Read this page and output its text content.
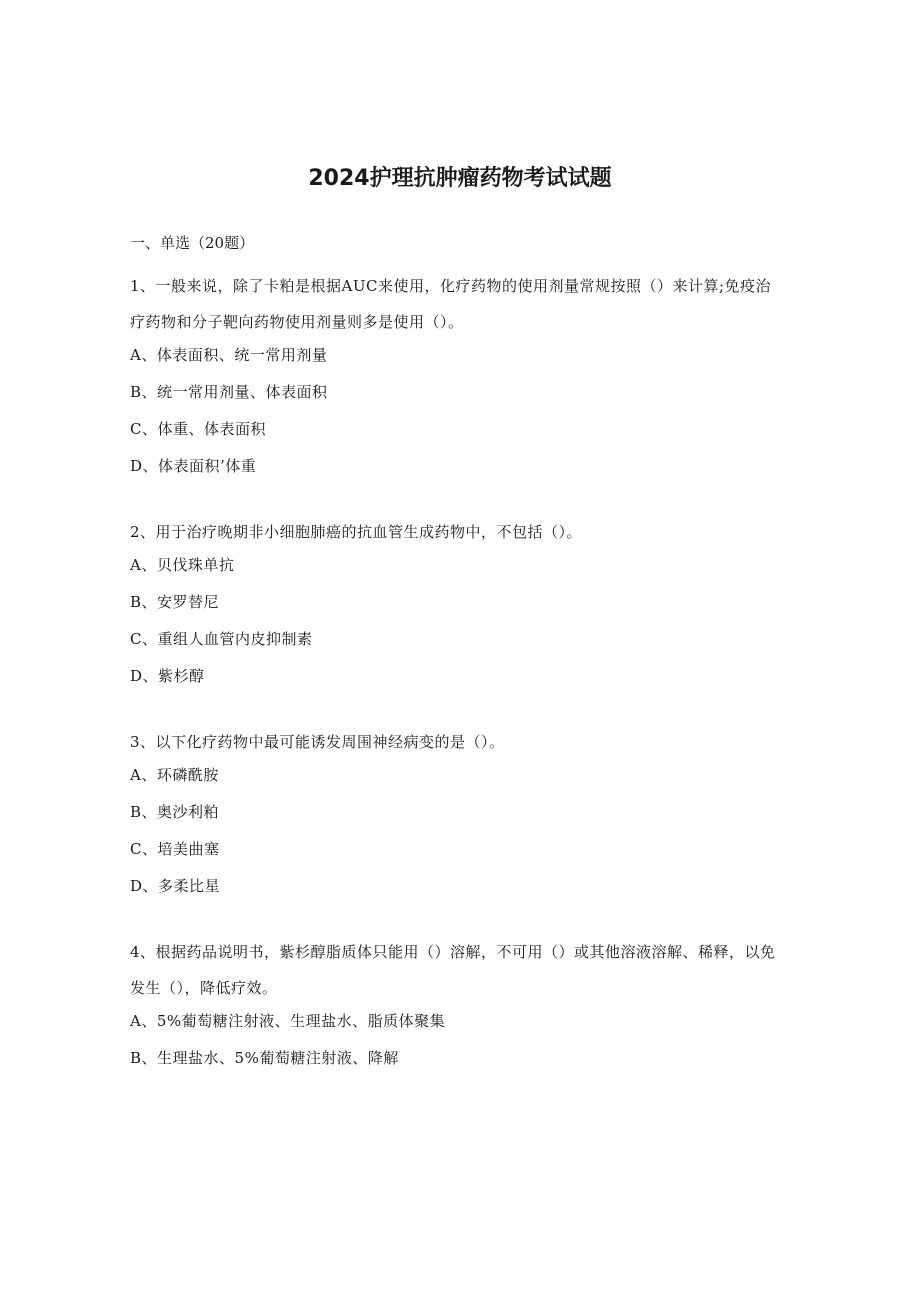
2024护理抗肿瘤药物考试试题

一、单选（20题）

1、一般来说，除了卡粕是根据AUC来使用，化疗药物的使用剂量常规按照（）来计算;免疫治疗药物和分子靶向药物使用剂量则多是使用（）。

A、体表面积、统一常用剂量

B、统一常用剂量、体表面积

C、体重、体表面积

D、体表面积’体重

2、用于治疗晚期非小细胞肺癌的抗血管生成药物中，不包括（）。

A、贝伐珠单抗

B、安罗替尼

C、重组人血管内皮抑制素

D、紫杉醇

3、以下化疗药物中最可能诱发周围神经病变的是（）。

A、环磷酰胺

B、奥沙利粕

C、培美曲塞

D、多柔比星

4、根据药品说明书，紫杉醇脂质体只能用（）溶解，不可用（）或其他溶液溶解、稀释，以免发生（），降低疗效。

A、5%葡萄糖注射液、生理盐水、脂质体聚集

B、生理盐水、5%葡萄糖注射液、降解
